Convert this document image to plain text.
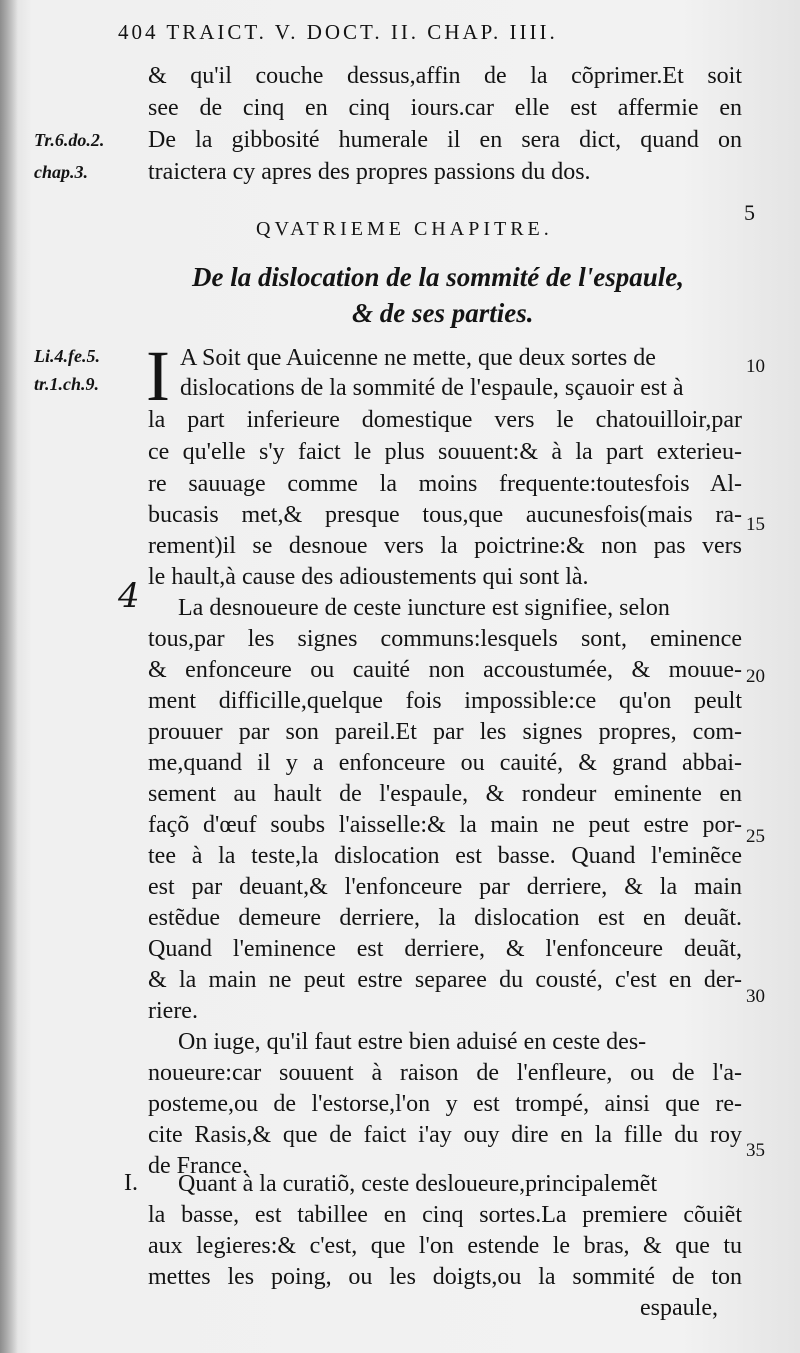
404 TRAICT. V. DOCT. II. CHAP. IIII.
& qu'il couche dessus,affin de la cõprimer.Et soit
see de cinq en cinq iours.car elle est affermie en
De la gibbosité humerale il en sera dict, quand on
traictera cy apres des propres passions du dos.
Tr.6.do.2.
chap.3.
5
QVATRIEME CHAPITRE.
De la dislocation de la sommité de l'espaule,
& de ses parties.
Li.4.fe.5.
tr.1.ch.9. I A Soit que Auicenne ne mette, que deux sortes de
dislocations de la sommité de l'espaule, sçauoir est à
la part inferieure domestique vers le chatouilloir,par
ce qu'elle s'y faict le plus souuent:& à la part exterieu-
re sauuage comme la moins frequente:toutesfois Al-
bucasis met,& presque tous,que aucunesfois(mais ra-
rement)il se desnoue vers la poictrine:& non pas vers
le hault,à cause des adioustements qui sont là.
4 La desnoueure de ceste iuncture est signifiee, selon
tous,par les signes communs:lesquels sont, eminence
& enfonceure ou cauité non accoustumée, & mouue-
ment difficille,quelque fois impossible:ce qu'on peult
prouuer par son pareil.Et par les signes propres, com-
me,quand il y a enfonceure ou cauité, & grand abbai-
sement au hault de l'espaule, & rondeur eminente en
façõ d'œuf soubs l'aisselle:& la main ne peut estre por-
tee à la teste,la dislocation est basse. Quand l'eminẽce
est par deuant,& l'enfonceure par derriere, & la main
estẽdue demeure derriere, la dislocation est en deuãt.
Quand l'eminence est derriere, & l'enfonceure deuãt,
& la main ne peut estre separee du cousté, c'est en der-
riere.
On iuge, qu'il faut estre bien aduisé en ceste des-
noueure:car souuent à raison de l'enfleure, ou de l'a-
posteme,ou de l'estorse,l'on y est trompé, ainsi que re-
cite Rasis,& que de faict i'ay ouy dire en la fille du roy
de France.
I. Quant à la curatiõ, ceste desloueure,principalemẽt
la basse, est tabillee en cinq sortes.La premiere cõuiẽt
aux legieres:& c'est, que l'on estende le bras, & que tu
mettes les poing, ou les doigts,ou la sommité de ton
espaule,
10
15
20
25
30
35
